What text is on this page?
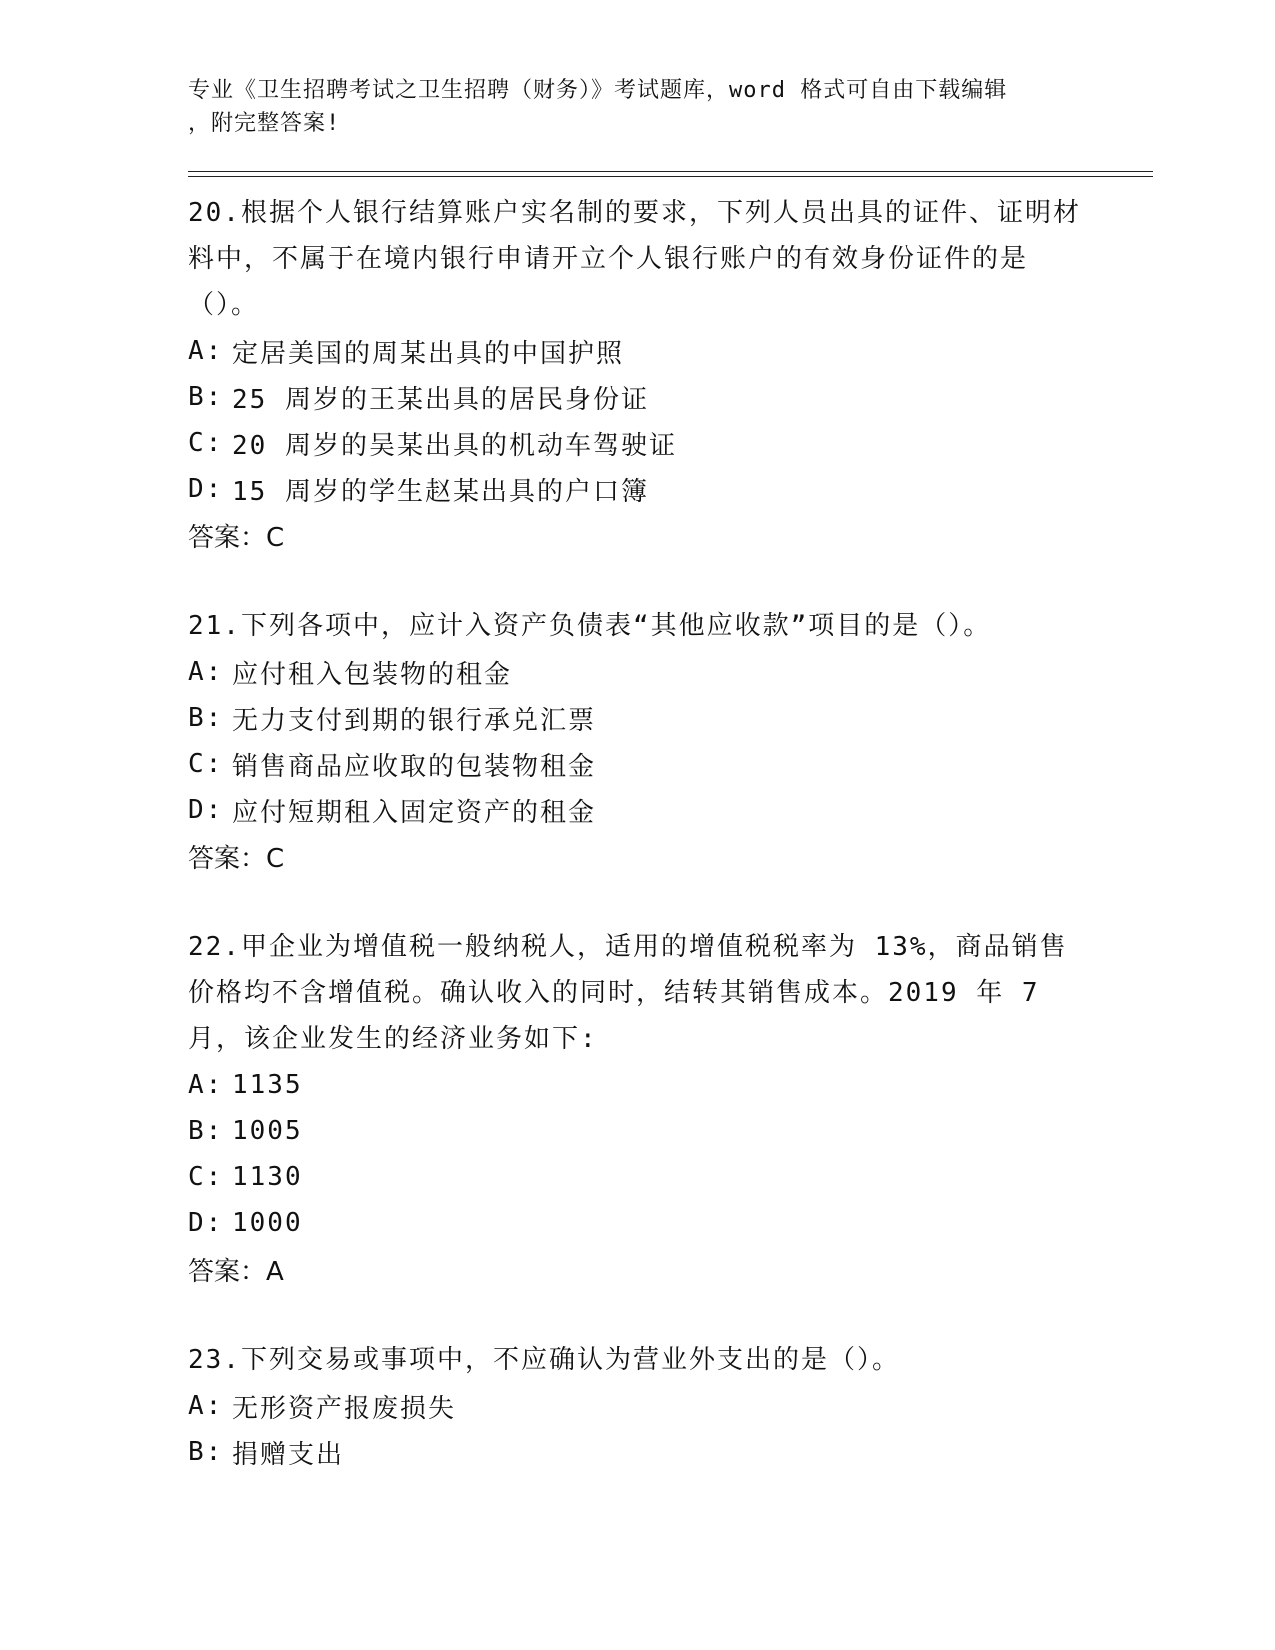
专业《卫生招聘考试之卫生招聘（财务）》考试题库，word 格式可自由下载编辑
，附完整答案!

20.根据个人银行结算账户实名制的要求，下列人员出具的证件、证明材料中，不属于在境内银行申请开立个人银行账户的有效身份证件的是（）。

A: 定居美国的周某出具的中国护照
B: 25 周岁的王某出具的居民身份证
C: 20 周岁的吴某出具的机动车驾驶证
D: 15 周岁的学生赵某出具的户口簿
答案：C

21.下列各项中，应计入资产负债表“其他应收款”项目的是（）。

A: 应付租入包装物的租金
B: 无力支付到期的银行承兑汇票
C: 销售商品应收取的包装物租金
D: 应付短期租入固定资产的租金
答案：C

22.甲企业为增值税一般纳税人，适用的增值税税率为 13%，商品销售价格均不含增值税。确认收入的同时，结转其销售成本。2019 年 7 月，该企业发生的经济业务如下:

A: 1135
B: 1005
C: 1130
D: 1000
答案：A

23.下列交易或事项中，不应确认为营业外支出的是（）。

A: 无形资产报废损失
B: 捐赠支出
